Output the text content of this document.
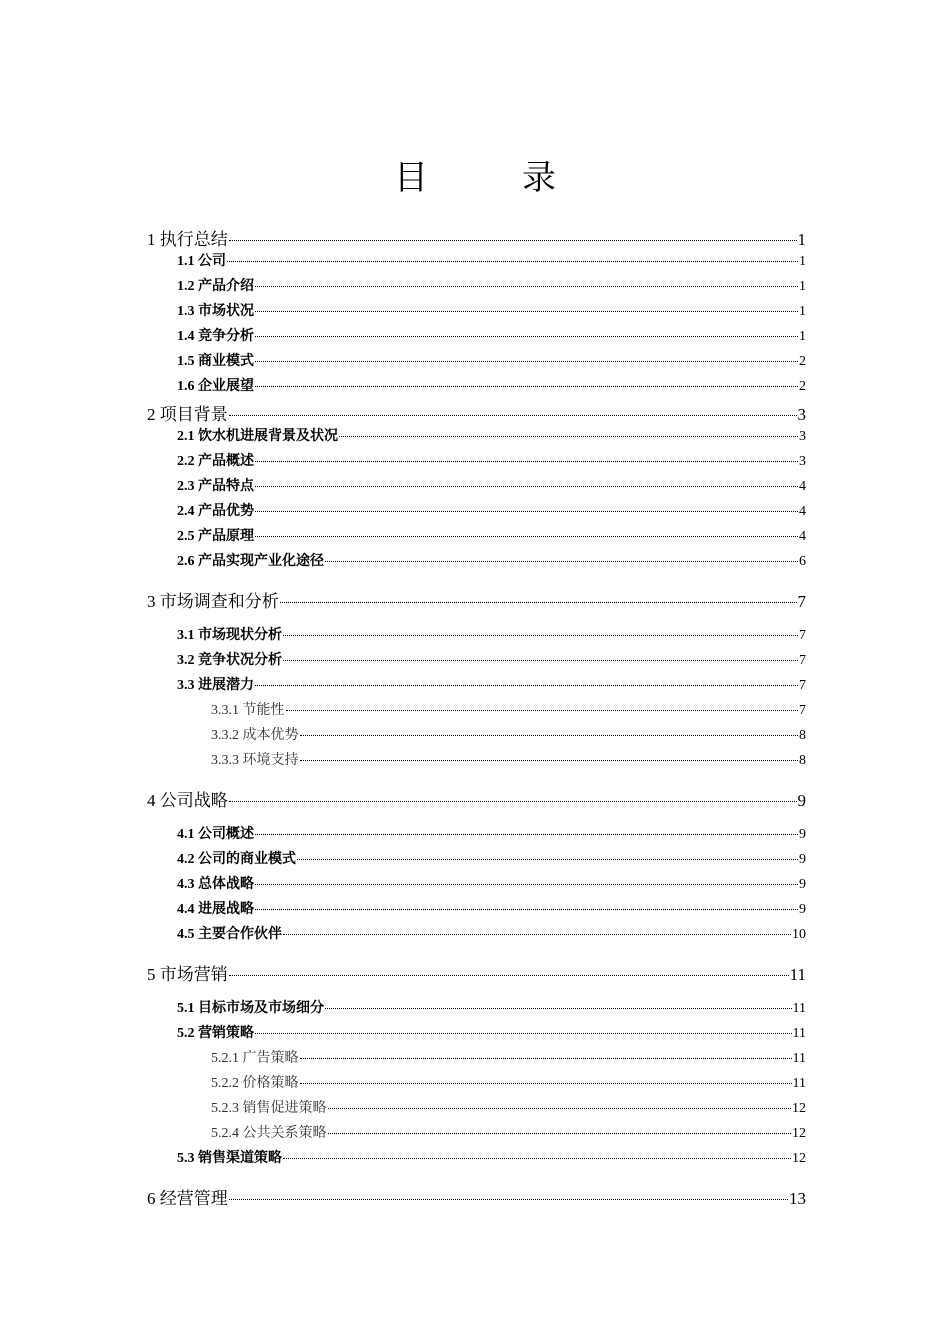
目　录
1 执行总结	1
1.1 公司	1
1.2 产品介绍	1
1.3 市场状况	1
1.4 竞争分析	1
1.5 商业模式	2
1.6 企业展望	2
2 项目背景	3
2.1 饮水机进展背景及状况	3
2.2 产品概述	3
2.3 产品特点	4
2.4 产品优势	4
2.5 产品原理	4
2.6 产品实现产业化途径	6
3 市场调查和分析	7
3.1 市场现状分析	7
3.2 竞争状况分析	7
3.3 进展潜力	7
3.3.1 节能性	7
3.3.2 成本优势	8
3.3.3 环境支持	8
4 公司战略	9
4.1 公司概述	9
4.2 公司的商业模式	9
4.3 总体战略	9
4.4 进展战略	9
4.5 主要合作伙伴	10
5 市场营销	11
5.1 目标市场及市场细分	11
5.2 营销策略	11
5.2.1 广告策略	11
5.2.2 价格策略	11
5.2.3 销售促进策略	12
5.2.4 公共关系策略	12
5.3 销售渠道策略	12
6 经营管理	13
